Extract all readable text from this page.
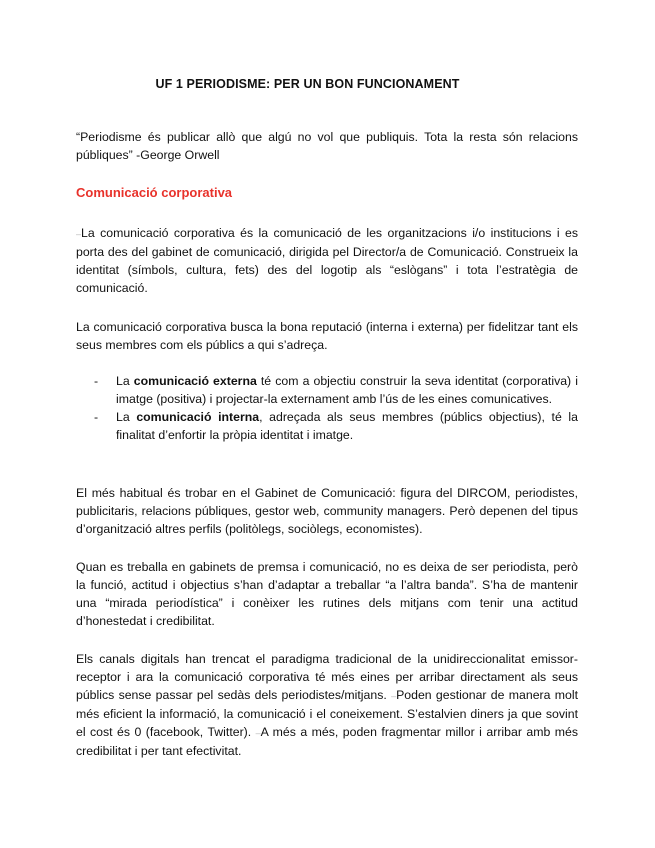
UF 1 PERIODISME: PER UN BON FUNCIONAMENT
“Periodisme és publicar allò que algú no vol que publiquis. Tota la resta són relacions públiques” -George Orwell
Comunicació corporativa
–La comunicació corporativa és la comunicació de les organitzacions i/o institucions i es porta des del gabinet de comunicació, dirigida pel Director/a de Comunicació. Construeix la identitat (símbols, cultura, fets) des del logotip als “eslògans” i tota l’estratègia de comunicació.
La comunicació corporativa busca la bona reputació (interna i externa) per fidelitzar tant els seus membres com els públics a qui s’adreça.
- La comunicació externa té com a objectiu construir la seva identitat (corporativa) i imatge (positiva) i projectar-la externament amb l’ús de les eines comunicatives.
- La comunicació interna, adreçada als seus membres (públics objectius), té la finalitat d’enfortir la pròpia identitat i imatge.
El més habitual és trobar en el Gabinet de Comunicació: figura del DIRCOM, periodistes, publicitaris, relacions públiques, gestor web, community managers. Però depenen del tipus d’organització altres perfils (politòlegs, sociòlegs, economistes).
Quan es treballa en gabinets de premsa i comunicació, no es deixa de ser periodista, però la funció, actitud i objectius s’han d’adaptar a treballar “a l’altra banda”. S’ha de mantenir una “mirada periodística” i conèixer les rutines dels mitjans com tenir una actitud d’honestedat i credibilitat.
Els canals digitals han trencat el paradigma tradicional de la unidireccionalitat emissor-receptor i ara la comunicació corporativa té més eines per arribar directament als seus públics sense passar pel sedàs dels periodistes/mitjans. –Poden gestionar de manera molt més eficient la informació, la comunicació i el coneixement. S’estalvien diners ja que sovint el cost és 0 (facebook, Twitter). –A més a més, poden fragmentar millor i arribar amb més credibilitat i per tant efectivitat.
